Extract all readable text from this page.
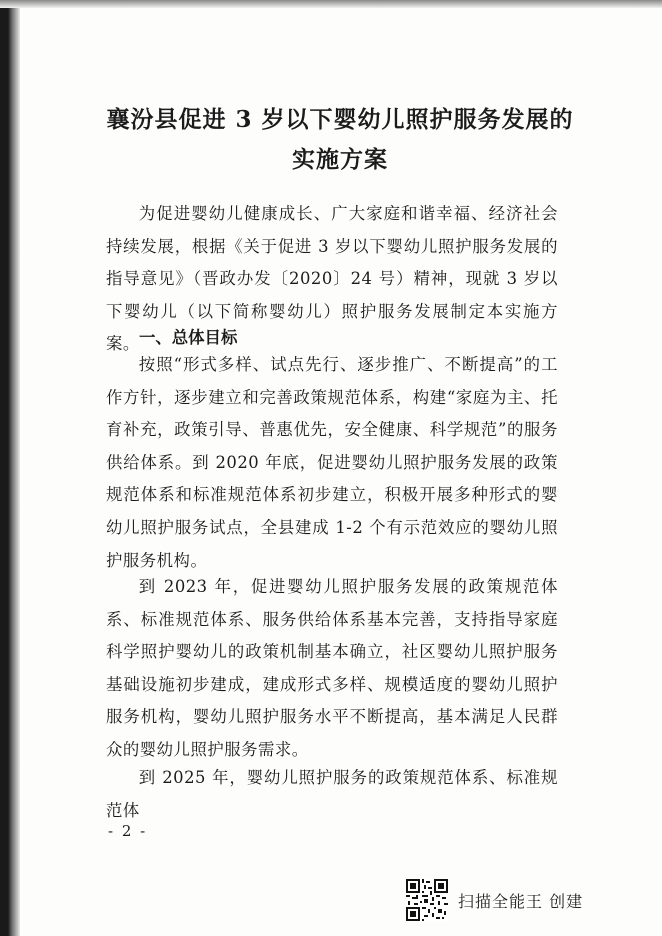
襄汾县促进 3 岁以下婴幼儿照护服务发展的
实施方案

为促进婴幼儿健康成长、广大家庭和谐幸福、经济社会持续发展，根据《关于促进 3 岁以下婴幼儿照护服务发展的指导意见》（晋政办发〔2020〕24 号）精神，现就 3 岁以下婴幼儿（以下简称婴幼儿）照护服务发展制定本实施方案。 一、总体目标

按照“形式多样、试点先行、逐步推广、不断提高”的工作方针，逐步建立和完善政策规范体系，构建“家庭为主、托育补充，政策引导、普惠优先，安全健康、科学规范”的服务供给体系。到 2020 年底，促进婴幼儿照护服务发展的政策规范体系和标准规范体系初步建立，积极开展多种形式的婴幼儿照护服务试点，全县建成 1-2 个有示范效应的婴幼儿照护服务机构。

到 2023 年，促进婴幼儿照护服务发展的政策规范体系、标准规范体系、服务供给体系基本完善，支持指导家庭科学照护婴幼儿的政策机制基本确立，社区婴幼儿照护服务基础设施初步建成，建成形式多样、规模适度的婴幼儿照护服务机构，婴幼儿照护服务水平不断提高，基本满足人民群众的婴幼儿照护服务需求。

到 2025 年，婴幼儿照护服务的政策规范体系、标准规范体

- 2 -
扫描全能王 创建
